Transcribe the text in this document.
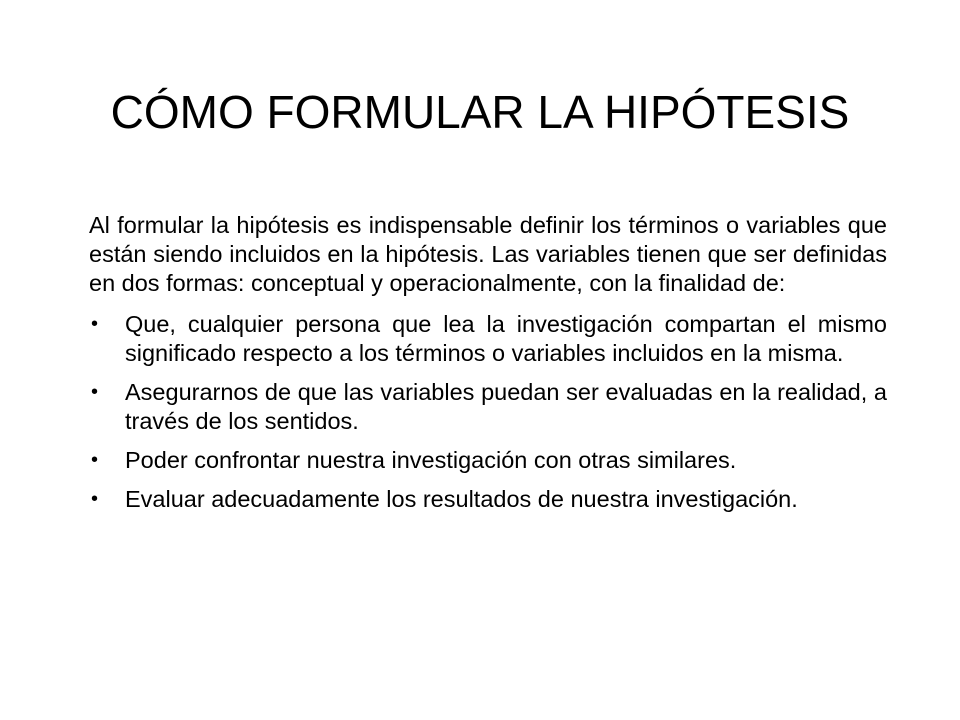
CÓMO FORMULAR LA HIPÓTESIS

Al formular la hipótesis es indispensable definir los términos o variables que están siendo incluidos en la hipótesis. Las variables tienen que ser definidas en dos formas: conceptual y operacionalmente, con la finalidad de:

• Que, cualquier persona que lea la investigación compartan el mismo significado respecto a los términos o variables incluidos en la misma.
• Asegurarnos de que las variables puedan ser evaluadas en la realidad, a través de los sentidos.
• Poder confrontar nuestra investigación con otras similares.
• Evaluar adecuadamente los resultados de nuestra investigación.
